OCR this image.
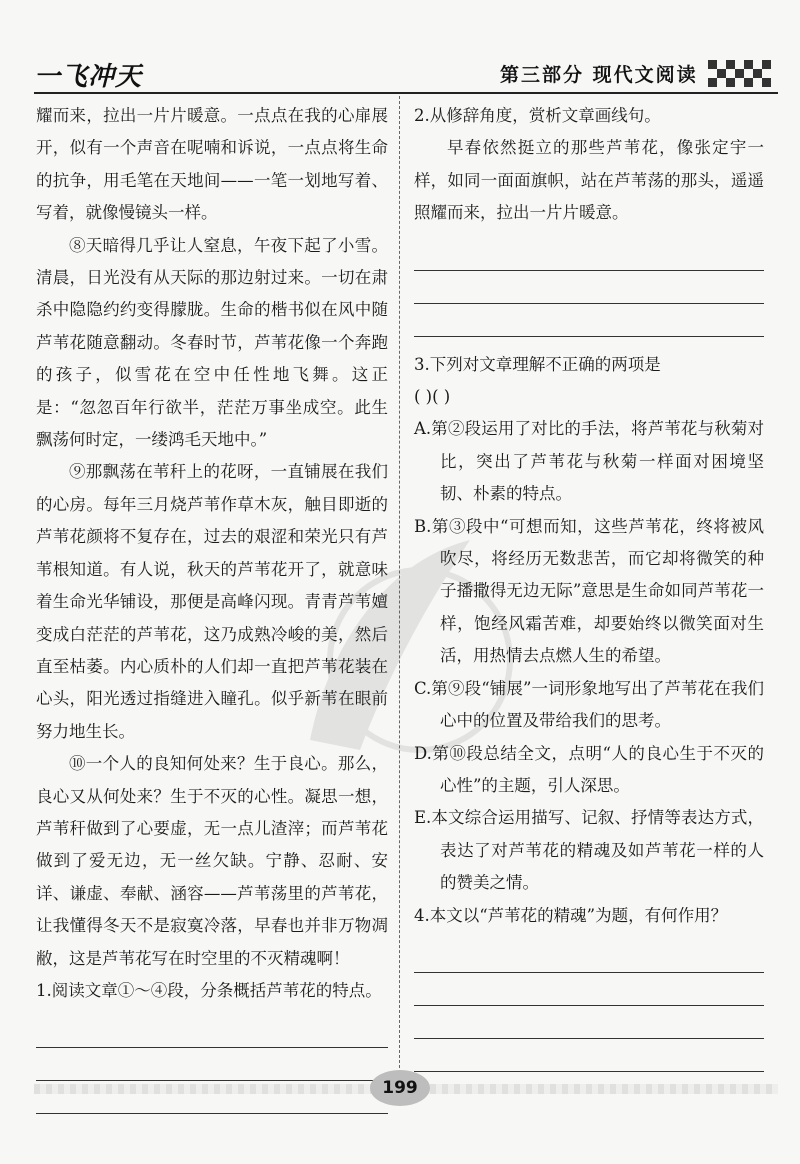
一飞冲天	第三部分 现代文阅读

耀而来，拉出一片片暖意。一点点在我的心扉展开，似有一个声音在呢喃和诉说，一点点将生命的抗争，用毛笔在天地间——一笔一划地写着、写着，就像慢镜头一样。

⑧天暗得几乎让人窒息，午夜下起了小雪。清晨，日光没有从天际的那边射过来。一切在肃杀中隐隐约约变得朦胧。生命的楷书似在风中随芦苇花随意翻动。冬春时节，芦苇花像一个奔跑的孩子，似雪花在空中任性地飞舞。这正是：“忽忽百年行欲半，茫茫万事坐成空。此生飘荡何时定，一缕鸿毛天地中。”

⑨那飘荡在苇秆上的花呀，一直铺展在我们的心房。每年三月烧芦苇作草木灰，触目即逝的芦苇花颜将不复存在，过去的艰涩和荣光只有芦苇根知道。有人说，秋天的芦苇花开了，就意味着生命光华铺设，那便是高峰闪现。青青芦苇嬗变成白茫茫的芦苇花，这乃成熟冷峻的美，然后直至枯萎。内心质朴的人们却一直把芦苇花装在心头，阳光透过指缝进入瞳孔。似乎新苇在眼前努力地生长。

⑩一个人的良知何处来？生于良心。那么，良心又从何处来？生于不灭的心性。凝思一想，芦苇秆做到了心要虚，无一点儿渣滓；而芦苇花做到了爱无边，无一丝欠缺。宁静、忍耐、安详、谦虚、奉献、涵容——芦苇荡里的芦苇花，让我懂得冬天不是寂寞冷落，早春也并非万物凋敝，这是芦苇花写在时空里的不灭精魂啊！

1.阅读文章①～④段，分条概括芦苇花的特点。

2.从修辞角度，赏析文章画线句。

早春依然挺立的那些芦苇花，像张定宇一样，如同一面面旗帜，站在芦苇荡的那头，遥遥照耀而来，拉出一片片暖意。

3.下列对文章理解不正确的两项是

( )( )

A.第②段运用了对比的手法，将芦苇花与秋菊对比，突出了芦苇花与秋菊一样面对困境坚韧、朴素的特点。

B.第③段中“可想而知，这些芦苇花，终将被风吹尽，将经历无数悲苦，而它却将微笑的种子播撒得无边无际”意思是生命如同芦苇花一样，饱经风霜苦难，却要始终以微笑面对生活，用热情去点燃人生的希望。

C.第⑨段“铺展”一词形象地写出了芦苇花在我们心中的位置及带给我们的思考。

D.第⑩段总结全文，点明“人的良心生于不灭的心性”的主题，引人深思。

E.本文综合运用描写、记叙、抒情等表达方式，表达了对芦苇花的精魂及如芦苇花一样的人的赞美之情。

4.本文以“芦苇花的精魂”为题，有何作用？

199
